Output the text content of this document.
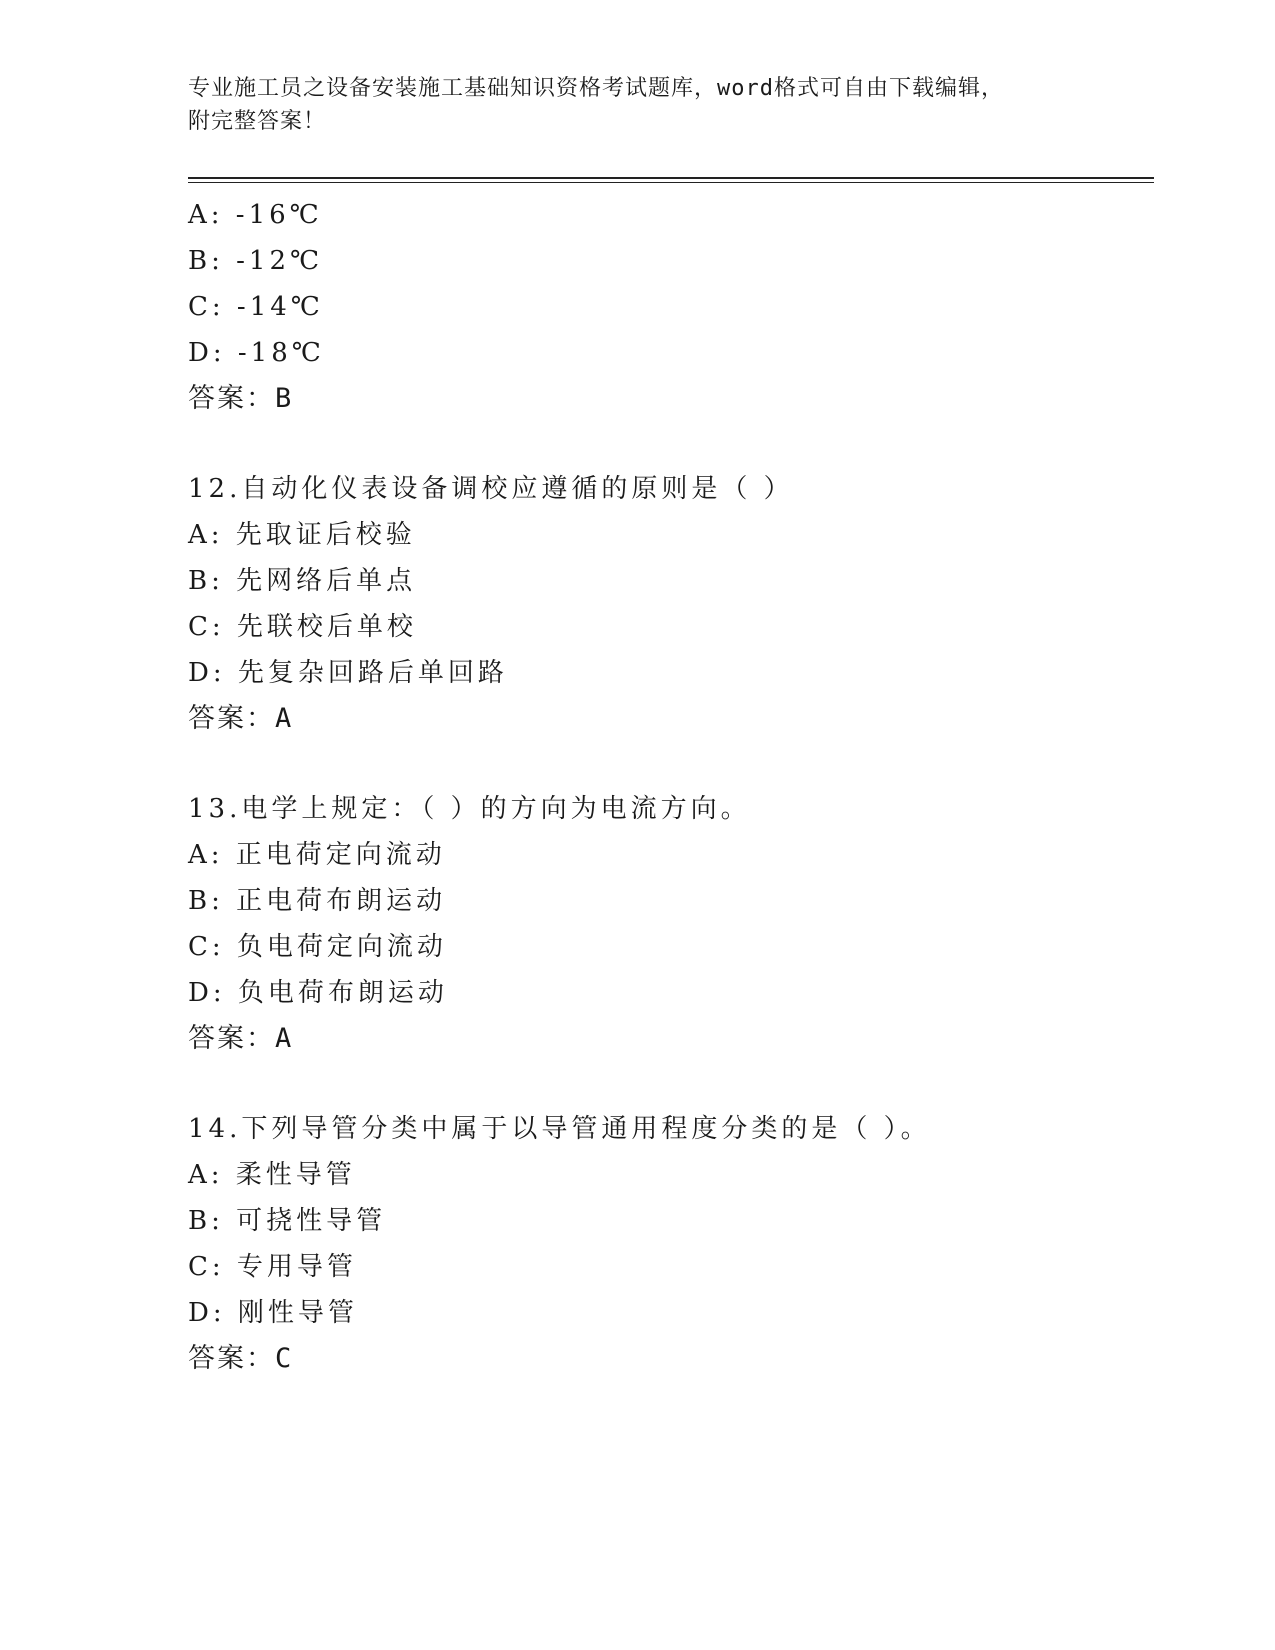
专业施工员之设备安装施工基础知识资格考试题库，word格式可自由下载编辑，
附完整答案！
A: -16℃
B: -12℃
C: -14℃
D: -18℃
答案：B
12.自动化仪表设备调校应遵循的原则是（ ）
A: 先取证后校验
B: 先网络后单点
C: 先联校后单校
D: 先复杂回路后单回路
答案：A
13.电学上规定：（ ）的方向为电流方向。
A: 正电荷定向流动
B: 正电荷布朗运动
C: 负电荷定向流动
D: 负电荷布朗运动
答案：A
14.下列导管分类中属于以导管通用程度分类的是（ ）。
A: 柔性导管
B: 可挠性导管
C: 专用导管
D: 刚性导管
答案：C
